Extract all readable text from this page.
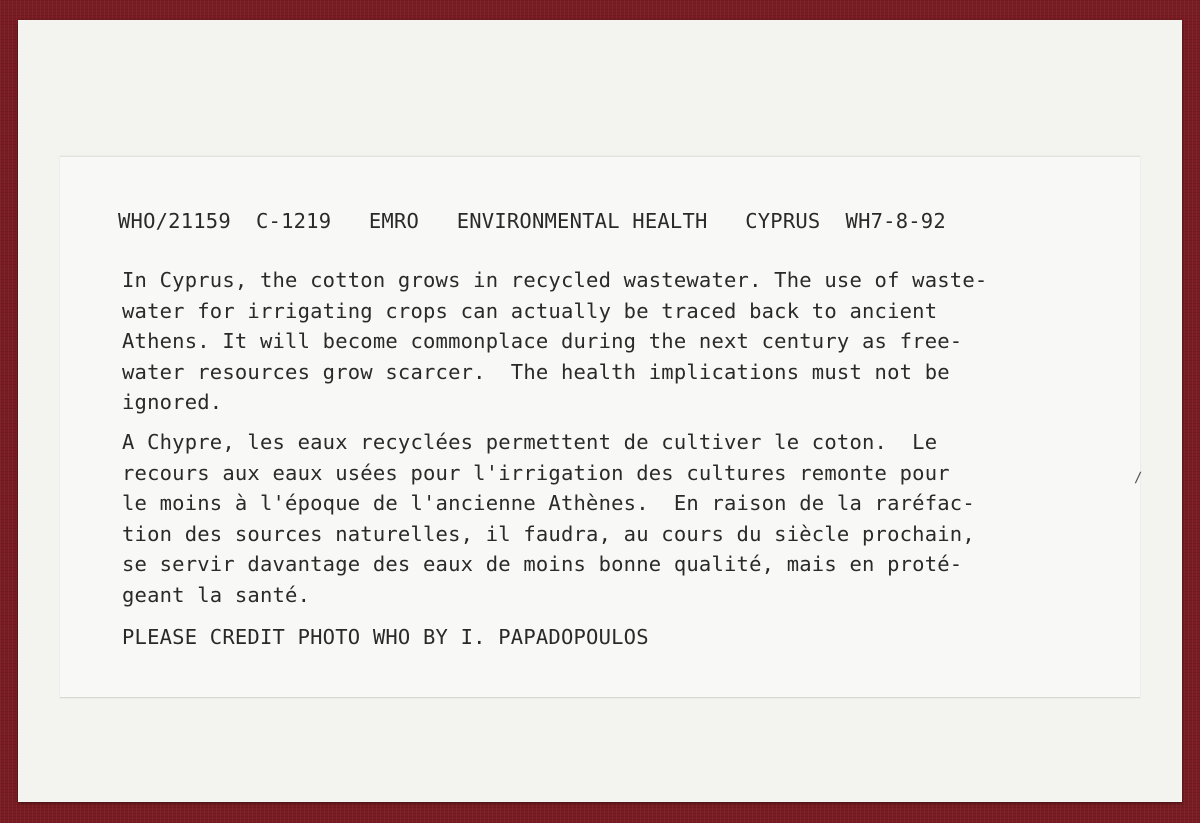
WHO/21159 C-1219 EMRO ENVIRONMENTAL HEALTH CYPRUS WH7-8-92
In Cyprus, the cotton grows in recycled wastewater. The use of waste-
water for irrigating crops can actually be traced back to ancient
Athens. It will become commonplace during the next century as free-
water resources grow scarcer.  The health implications must not be
ignored.
A Chypre, les eaux recyclées permettent de cultiver le coton.  Le
recours aux eaux usées pour l'irrigation des cultures remonte pour
le moins à l'époque de l'ancienne Athènes.  En raison de la raréfac-
tion des sources naturelles, il faudra, au cours du siècle prochain,
se servir davantage des eaux de moins bonne qualité, mais en proté-
geant la santé.
PLEASE CREDIT PHOTO WHO BY I. PAPADOPOULOS
∕
